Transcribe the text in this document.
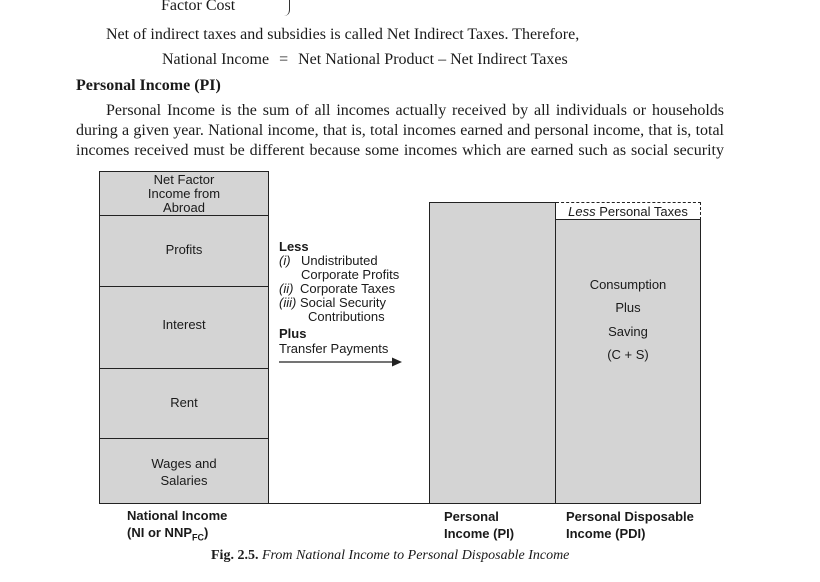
Factor Cost
Net of indirect taxes and subsidies is called Net Indirect Taxes. Therefore,
National Income = Net National Product – Net Indirect Taxes
Personal Income (PI)
Personal Income is the sum of all incomes actually received by all individuals or households
during a given year. National income, that is, total incomes earned and personal income, that is, total
incomes received must be different because some incomes which are earned such as social security
Net Factor Income from Abroad
Profits
Interest
Rent
Wages and Salaries
Less
(i) Undistributed
Corporate Profits
(ii) Corporate Taxes
(iii) Social Security
Contributions
Plus
Transfer Payments
Less Personal Taxes
Consumption
Plus
Saving
(C + S)
National Income
(NI or $NNP_{FC}$)
Personal
Income (PI)
Personal Disposable
Income (PDI)
Fig. 2.5. From National Income to Personal Disposable Income
